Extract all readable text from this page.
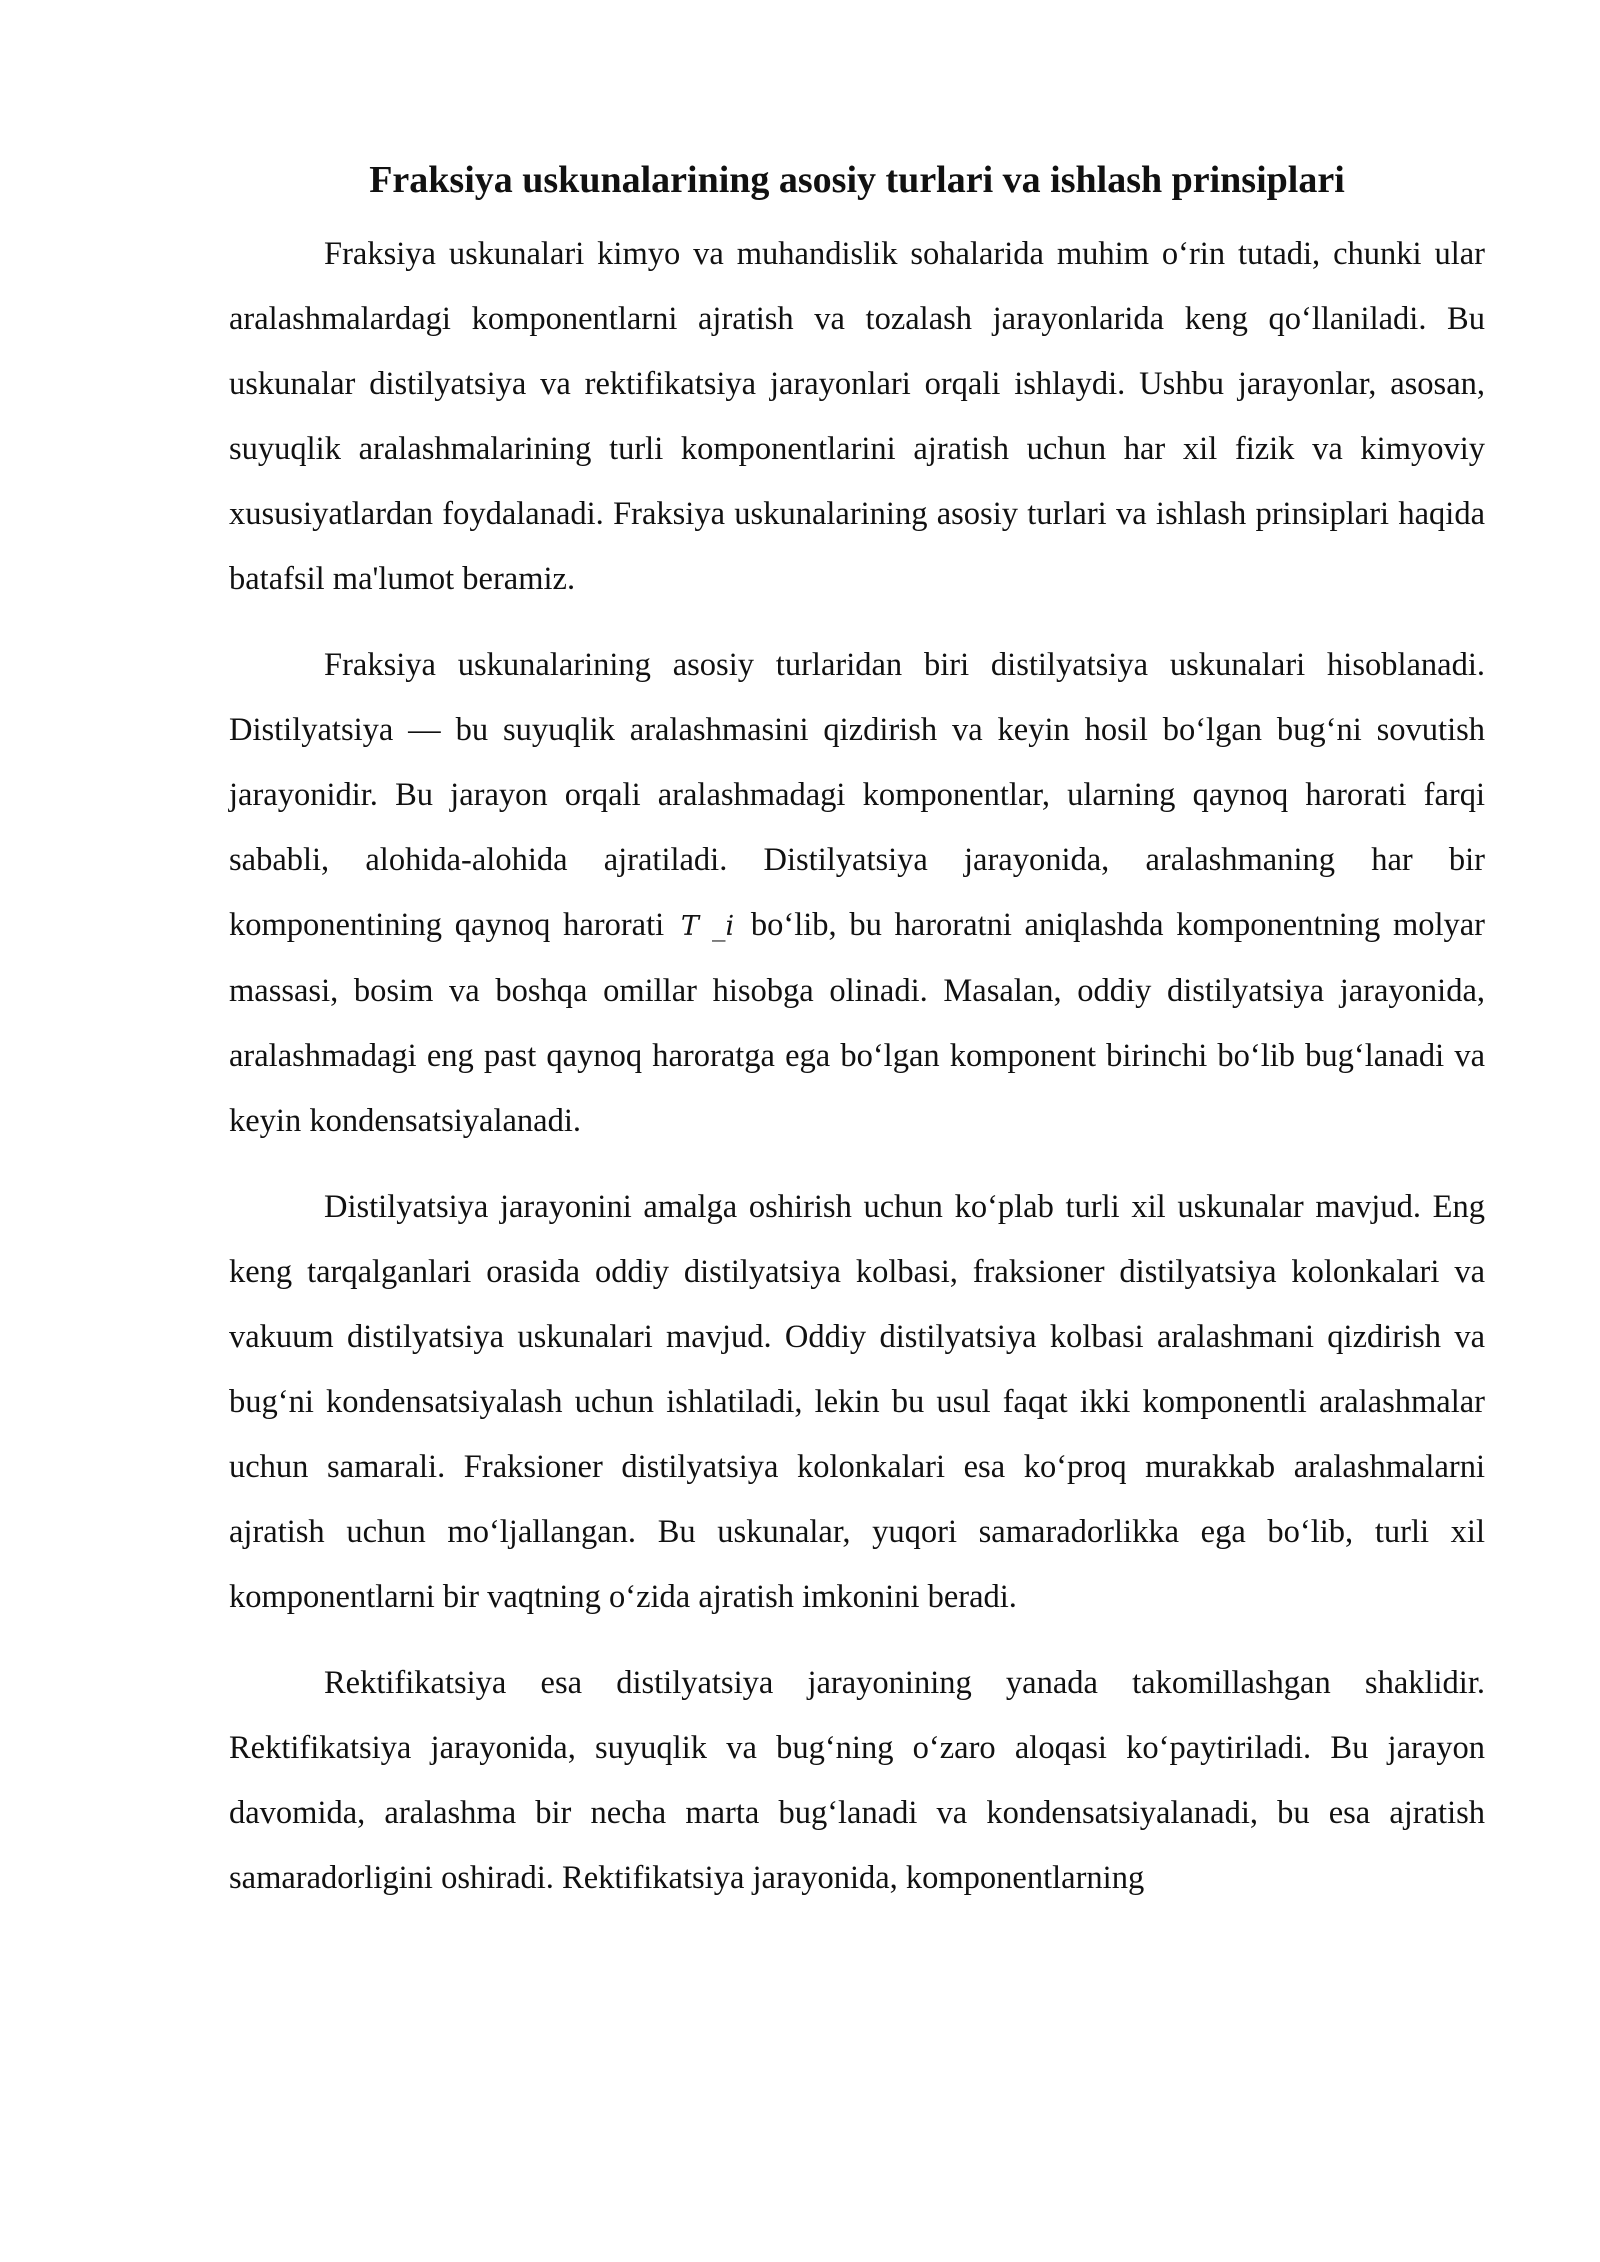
Fraksiya uskunalarining asosiy turlari va ishlash prinsiplari

Fraksiya uskunalari kimyo va muhandislik sohalarida muhim o‘rin tutadi, chunki ular aralashmalardagi komponentlarni ajratish va tozalash jarayonlarida keng qo‘llaniladi. Bu uskunalar distilyatsiya va rektifikatsiya jarayonlari orqali ishlaydi. Ushbu jarayonlar, asosan, suyuqlik aralashmalarining turli komponentlarini ajratish uchun har xil fizik va kimyoviy xususiyatlardan foydalanadi. Fraksiya uskunalarining asosiy turlari va ishlash prinsiplari haqida batafsil ma'lumot beramiz.

Fraksiya uskunalarining asosiy turlaridan biri distilyatsiya uskunalari hisoblanadi. Distilyatsiya — bu suyuqlik aralashmasini qizdirish va keyin hosil bo‘lgan bug‘ni sovutish jarayonidir. Bu jarayon orqali aralashmadagi komponentlar, ularning qaynoq harorati farqi sababli, alohida-alohida ajratiladi. Distilyatsiya jarayonida, aralashmaning har bir komponentining qaynoq harorati T _i bo‘lib, bu haroratni aniqlashda komponentning molyar massasi, bosim va boshqa omillar hisobga olinadi. Masalan, oddiy distilyatsiya jarayonida, aralashmadagi eng past qaynoq haroratga ega bo‘lgan komponent birinchi bo‘lib bug‘lanadi va keyin kondensatsiyalanadi.

Distilyatsiya jarayonini amalga oshirish uchun ko‘plab turli xil uskunalar mavjud. Eng keng tarqalganlari orasida oddiy distilyatsiya kolbasi, fraksioner distilyatsiya kolonkalari va vakuum distilyatsiya uskunalari mavjud. Oddiy distilyatsiya kolbasi aralashmani qizdirish va bug‘ni kondensatsiyalash uchun ishlatiladi, lekin bu usul faqat ikki komponentli aralashmalar uchun samarali. Fraksioner distilyatsiya kolonkalari esa ko‘proq murakkab aralashmalarni ajratish uchun mo‘ljallangan. Bu uskunalar, yuqori samaradorlikka ega bo‘lib, turli xil komponentlarni bir vaqtning o‘zida ajratish imkonini beradi.

Rektifikatsiya esa distilyatsiya jarayonining yanada takomillashgan shaklidir. Rektifikatsiya jarayonida, suyuqlik va bug‘ning o‘zaro aloqasi ko‘paytiriladi. Bu jarayon davomida, aralashma bir necha marta bug‘lanadi va kondensatsiyalanadi, bu esa ajratish samaradorligini oshiradi. Rektifikatsiya jarayonida, komponentlarning
